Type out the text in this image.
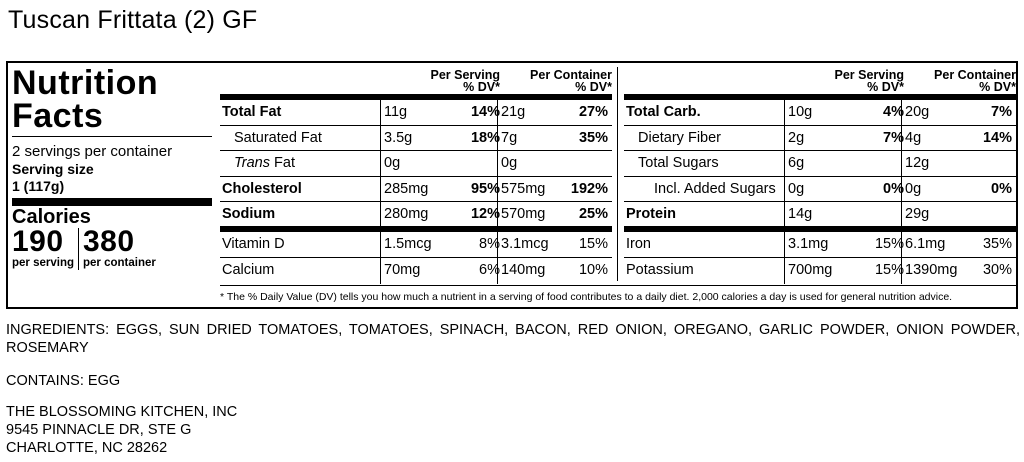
Tuscan Frittata (2) GF
Nutrition Facts
2 servings per container
Serving size
1 (117g)
Calories
190
per serving
380
per container
Per Serving
% DV*
Per Container
% DV*
Total Fat	11g	14% 21g	27%
Saturated Fat	3.5g	18% 7g	35%
Trans Fat	0g	0g
Cholesterol	285mg	95% 575mg	192%
Sodium	280mg	12% 570mg	25%
Vitamin D	1.5mcg	8% 3.1mcg	15%
Calcium	70mg	6% 140mg	10%
Per Serving
% DV*
Per Container
% DV*
Total Carb.	10g	4% 20g	7%
Dietary Fiber	2g	7% 4g	14%
Total Sugars	6g	12g
Incl. Added Sugars 0g	0% 0g	0%
Protein	14g	29g
Iron	3.1mg	15% 6.1mg	35%
Potassium	700mg	15% 1390mg	30%
* The % Daily Value (DV) tells you how much a nutrient in a serving of food contributes to a daily diet. 2,000 calories a day is used for general nutrition advice.
INGREDIENTS: EGGS, SUN DRIED TOMATOES, TOMATOES, SPINACH, BACON, RED ONION, OREGANO, GARLIC POWDER, ONION POWDER, ROSEMARY
CONTAINS: EGG
THE BLOSSOMING KITCHEN, INC
9545 PINNACLE DR, STE G
CHARLOTTE, NC 28262
